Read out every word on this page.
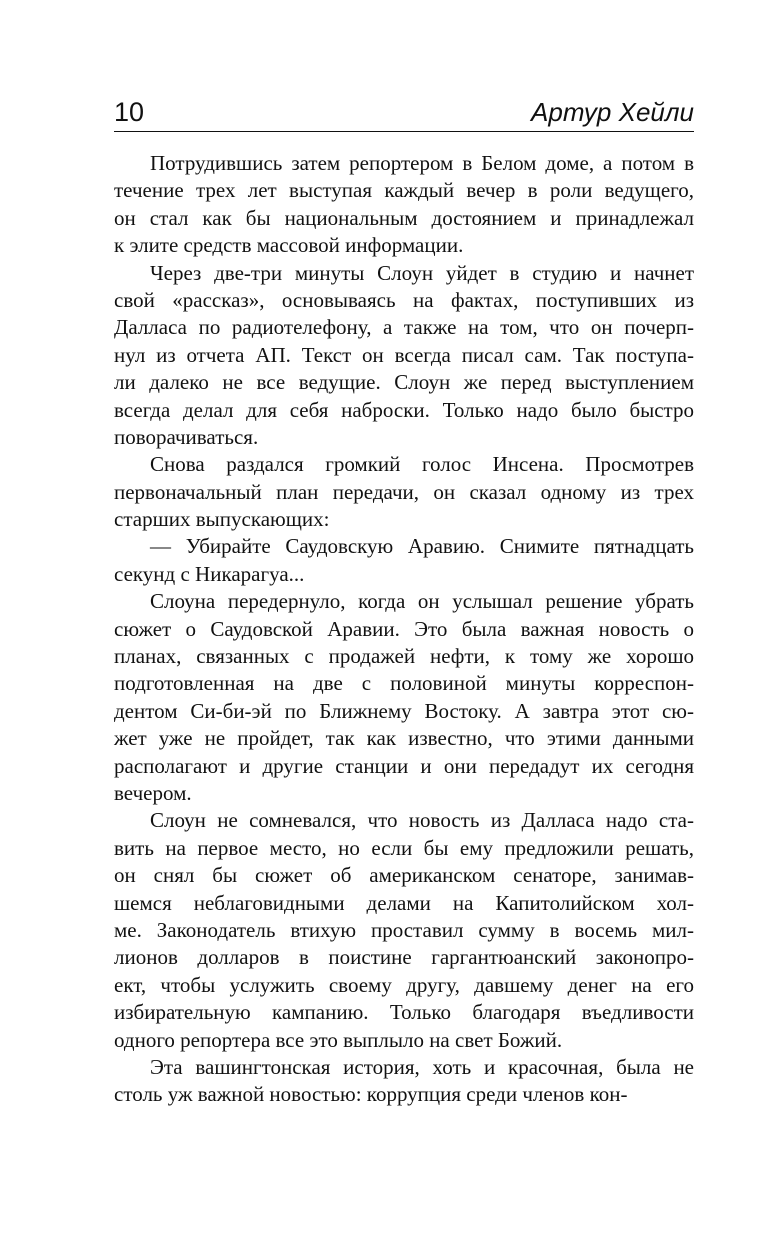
10	Артур Хейли
Потрудившись затем репортером в Белом доме, а потом в
течение трех лет выступая каждый вечер в роли ведущего,
он стал как бы национальным достоянием и принадлежал
к элите средств массовой информации.
Через две-три минуты Слоун уйдет в студию и начнет
свой «рассказ», основываясь на фактах, поступивших из
Далласа по радиотелефону, а также на том, что он почерп-
нул из отчета АП. Текст он всегда писал сам. Так поступа-
ли далеко не все ведущие. Слоун же перед выступлением
всегда делал для себя наброски. Только надо было быстро
поворачиваться.
Снова раздался громкий голос Инсена. Просмотрев
первоначальный план передачи, он сказал одному из трех
старших выпускающих:
— Убирайте Саудовскую Аравию. Снимите пятнадцать
секунд с Никарагуа...
Слоуна передернуло, когда он услышал решение убрать
сюжет о Саудовской Аравии. Это была важная новость о
планах, связанных с продажей нефти, к тому же хорошо
подготовленная на две с половиной минуты корреспон-
дентом Си-би-эй по Ближнему Востоку. А завтра этот сю-
жет уже не пройдет, так как известно, что этими данными
располагают и другие станции и они передадут их сегодня
вечером.
Слоун не сомневался, что новость из Далласа надо ста-
вить на первое место, но если бы ему предложили решать,
он снял бы сюжет об американском сенаторе, занимав-
шемся неблаговидными делами на Капитолийском хол-
ме. Законодатель втихую проставил сумму в восемь мил-
лионов долларов в поистине гаргантюанский законопро-
ект, чтобы услужить своему другу, давшему денег на его
избирательную кампанию. Только благодаря въедливости
одного репортера все это выплыло на свет Божий.
Эта вашингтонская история, хоть и красочная, была не
столь уж важной новостью: коррупция среди членов кон-
